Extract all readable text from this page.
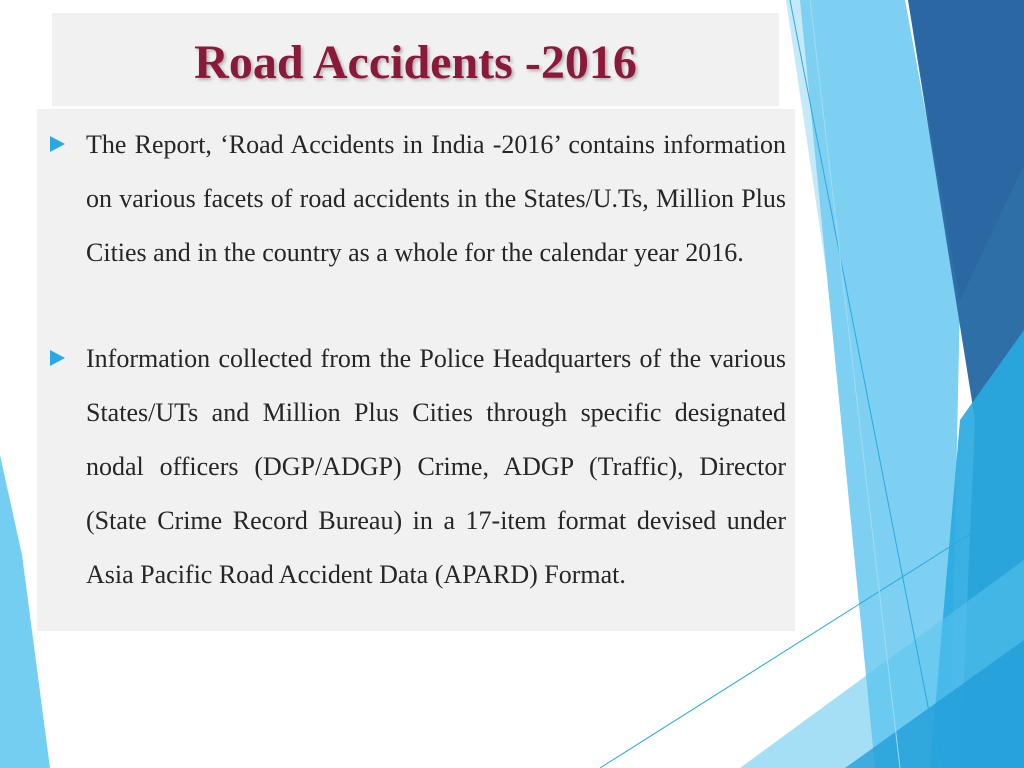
Road Accidents -2016

The Report, ‘Road Accidents in India -2016’ contains information on various facets of road accidents in the States/U.Ts, Million Plus Cities and in the country as a whole for the calendar year 2016.

Information collected from the Police Headquarters of the various States/UTs and Million Plus Cities through specific designated nodal officers (DGP/ADGP) Crime, ADGP (Traffic), Director (State Crime Record Bureau) in a 17-item format devised under Asia Pacific Road Accident Data (APARD) Format.
